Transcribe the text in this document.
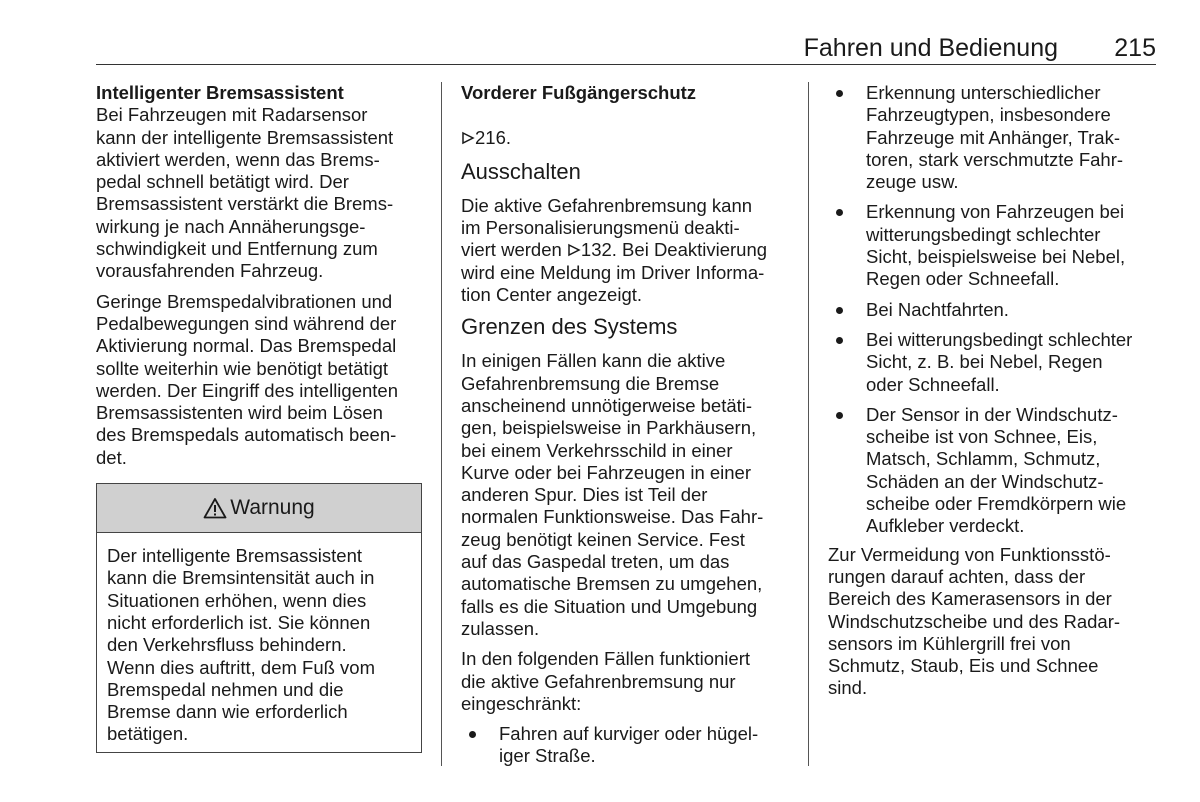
Fahren und Bedienung 215

Intelligenter Bremsassistent

Bei Fahrzeugen mit Radarsensor
kann der intelligente Bremsassistent
aktiviert werden, wenn das Brems-
pedal schnell betätigt wird. Der
Bremsassistent verstärkt die Brems-
wirkung je nach Annäherungsge-
schwindigkeit und Entfernung zum
vorausfahrenden Fahrzeug.

Geringe Bremspedalvibrationen und
Pedalbewegungen sind während der
Aktivierung normal. Das Bremspedal
sollte weiterhin wie benötigt betätigt
werden. Der Eingriff des intelligenten
Bremsassistenten wird beim Lösen
des Bremspedals automatisch been-
det.

Warnung

Der intelligente Bremsassistent
kann die Bremsintensität auch in
Situationen erhöhen, wenn dies
nicht erforderlich ist. Sie können
den Verkehrsfluss behindern.
Wenn dies auftritt, dem Fuß vom
Bremspedal nehmen und die
Bremse dann wie erforderlich
betätigen.

Vorderer Fußgängerschutz

216.

Ausschalten

Die aktive Gefahrenbremsung kann
im Personalisierungsmenü deakti-
viert werden 132. Bei Deaktivierung
wird eine Meldung im Driver Informa-
tion Center angezeigt.

Grenzen des Systems

In einigen Fällen kann die aktive
Gefahrenbremsung die Bremse
anscheinend unnötigerweise betäti-
gen, beispielsweise in Parkhäusern,
bei einem Verkehrsschild in einer
Kurve oder bei Fahrzeugen in einer
anderen Spur. Dies ist Teil der
normalen Funktionsweise. Das Fahr-
zeug benötigt keinen Service. Fest
auf das Gaspedal treten, um das
automatische Bremsen zu umgehen,
falls es die Situation und Umgebung
zulassen.

In den folgenden Fällen funktioniert
die aktive Gefahrenbremsung nur
eingeschränkt:

Fahren auf kurviger oder hügel-
iger Straße.
Erkennung unterschiedlicher
Fahrzeugtypen, insbesondere
Fahrzeuge mit Anhänger, Trak-
toren, stark verschmutzte Fahr-
zeuge usw.
Erkennung von Fahrzeugen bei
witterungsbedingt schlechter
Sicht, beispielsweise bei Nebel,
Regen oder Schneefall.
Bei Nachtfahrten.
Bei witterungsbedingt schlechter
Sicht, z. B. bei Nebel, Regen
oder Schneefall.
Der Sensor in der Windschutz-
scheibe ist von Schnee, Eis,
Matsch, Schlamm, Schmutz,
Schäden an der Windschutz-
scheibe oder Fremdkörpern wie
Aufkleber verdeckt.

Zur Vermeidung von Funktionsstö-
rungen darauf achten, dass der
Bereich des Kamerasensors in der
Windschutzscheibe und des Radar-
sensors im Kühlergrill frei von
Schmutz, Staub, Eis und Schnee
sind.
